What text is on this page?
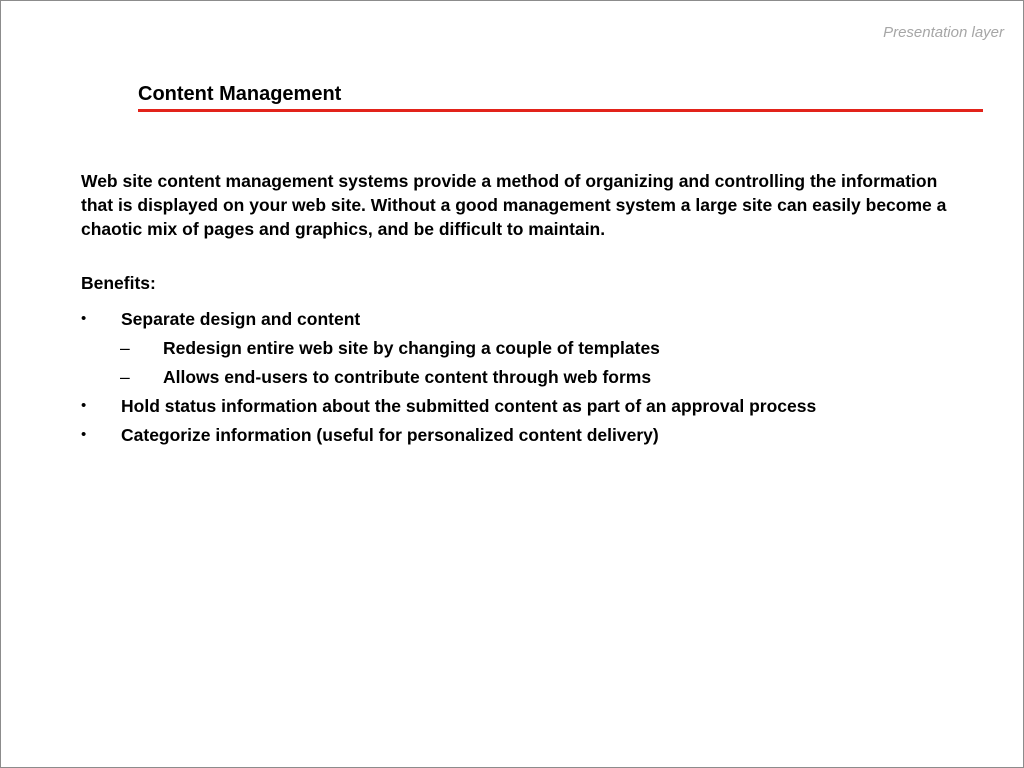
Presentation layer
Content Management

Web site content management systems provide a method of organizing and controlling the information that is displayed on your web site. Without a good management system a large site can easily become a chaotic mix of pages and graphics, and be difficult to maintain.

Benefits:

• Separate design and content
– Redesign entire web site by changing a couple of templates
– Allows end-users to contribute content through web forms
• Hold status information about the submitted content as part of an approval process
• Categorize information (useful for personalized content delivery)
